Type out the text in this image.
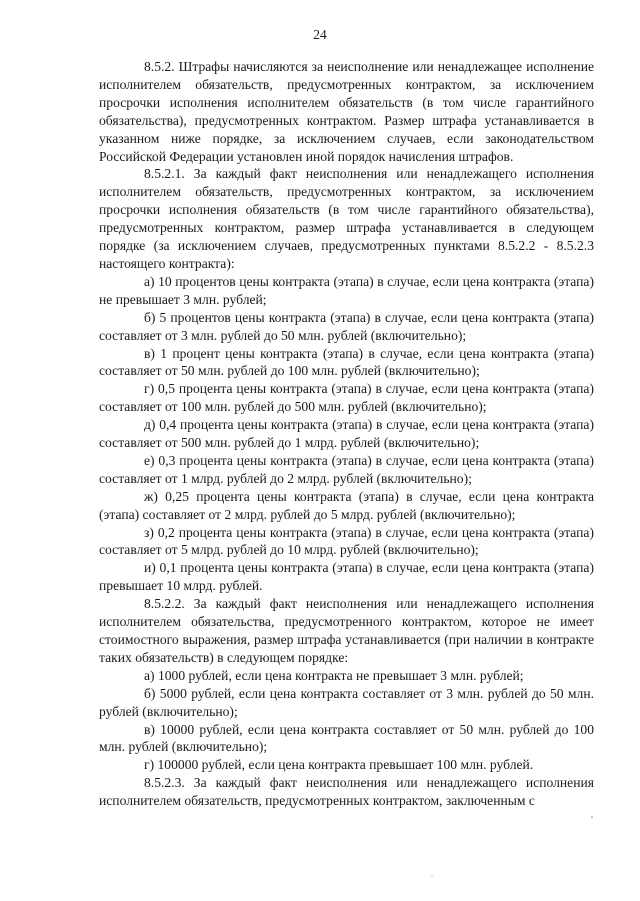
24

8.5.2. Штрафы начисляются за неисполнение или ненадлежащее исполнение исполнителем обязательств, предусмотренных контрактом, за исключением просрочки исполнения исполнителем обязательств (в том числе гарантийного обязательства), предусмотренных контрактом. Размер штрафа устанавливается в указанном ниже порядке, за исключением случаев, если законодательством Российской Федерации установлен иной порядок начисления штрафов.

8.5.2.1. За каждый факт неисполнения или ненадлежащего исполнения исполнителем обязательств, предусмотренных контрактом, за исключением просрочки исполнения обязательств (в том числе гарантийного обязательства), предусмотренных контрактом, размер штрафа устанавливается в следующем порядке (за исключением случаев, предусмотренных пунктами 8.5.2.2 - 8.5.2.3 настоящего контракта):

а) 10 процентов цены контракта (этапа) в случае, если цена контракта (этапа) не превышает 3 млн. рублей;

б) 5 процентов цены контракта (этапа) в случае, если цена контракта (этапа) составляет от 3 млн. рублей до 50 млн. рублей (включительно);

в) 1 процент цены контракта (этапа) в случае, если цена контракта (этапа) составляет от 50 млн. рублей до 100 млн. рублей (включительно);

г) 0,5 процента цены контракта (этапа) в случае, если цена контракта (этапа) составляет от 100 млн. рублей до 500 млн. рублей (включительно);

д) 0,4 процента цены контракта (этапа) в случае, если цена контракта (этапа) составляет от 500 млн. рублей до 1 млрд. рублей (включительно);

е) 0,3 процента цены контракта (этапа) в случае, если цена контракта (этапа) составляет от 1 млрд. рублей до 2 млрд. рублей (включительно);

ж) 0,25 процента цены контракта (этапа) в случае, если цена контракта (этапа) составляет от 2 млрд. рублей до 5 млрд. рублей (включительно);

з) 0,2 процента цены контракта (этапа) в случае, если цена контракта (этапа) составляет от 5 млрд. рублей до 10 млрд. рублей (включительно);

и) 0,1 процента цены контракта (этапа) в случае, если цена контракта (этапа) превышает 10 млрд. рублей.

8.5.2.2. За каждый факт неисполнения или ненадлежащего исполнения исполнителем обязательства, предусмотренного контрактом, которое не имеет стоимостного выражения, размер штрафа устанавливается (при наличии в контракте таких обязательств) в следующем порядке:

а) 1000 рублей, если цена контракта не превышает 3 млн. рублей;

б) 5000 рублей, если цена контракта составляет от 3 млн. рублей до 50 млн. рублей (включительно);

в) 10000 рублей, если цена контракта составляет от 50 млн. рублей до 100 млн. рублей (включительно);

г) 100000 рублей, если цена контракта превышает 100 млн. рублей.

8.5.2.3. За каждый факт неисполнения или ненадлежащего исполнения исполнителем обязательств, предусмотренных контрактом, заключенным с
